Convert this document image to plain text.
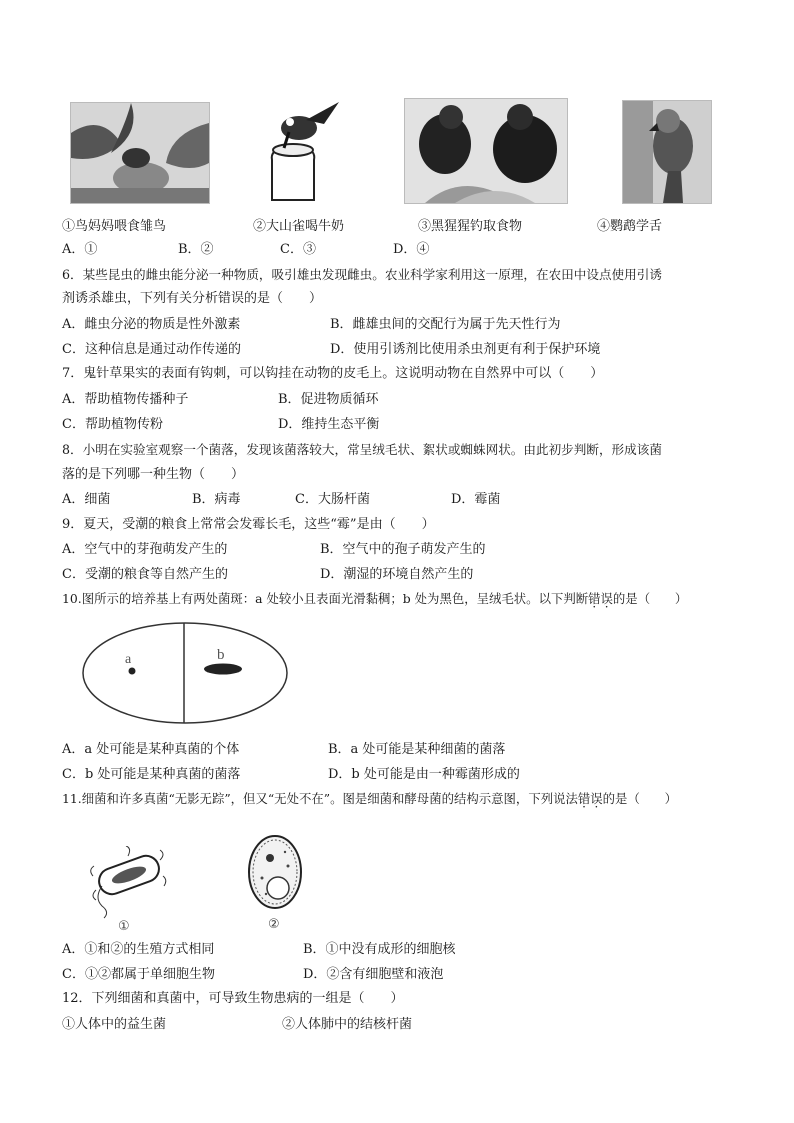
①鸟妈妈喂食雏鸟	②大山雀喝牛奶	③黑猩猩钓取食物	④鹦鹉学舌
A．①	B．②	C．③	D．④
6．某些昆虫的雌虫能分泌一种物质，吸引雄虫发现雌虫。农业科学家利用这一原理，在农田中设点使用引诱
剂诱杀雄虫，下列有关分析错误的是（　　）
A．雌虫分泌的物质是性外激素	B．雌雄虫间的交配行为属于先天性行为
C．这种信息是通过动作传递的	D．使用引诱剂比使用杀虫剂更有利于保护环境
7．鬼针草果实的表面有钩刺，可以钩挂在动物的皮毛上。这说明动物在自然界中可以（　　）
A．帮助植物传播种子	B．促进物质循环
C．帮助植物传粉	D．维持生态平衡
8．小明在实验室观察一个菌落，发现该菌落较大，常呈绒毛状、絮状或蜘蛛网状。由此初步判断，形成该菌
落的是下列哪一种生物（　　）
A．细菌	B．病毒	C．大肠杆菌	D．霉菌
9．夏天，受潮的粮食上常常会发霉长毛，这些“霉”是由（　　）
A．空气中的芽孢萌发产生的	B．空气中的孢子萌发产生的
C．受潮的粮食等自然产生的	D．潮湿的环境自然产生的
10.图所示的培养基上有两处菌斑：a 处较小且表面光滑黏稠；b 处为黑色，呈绒毛状。以下判断错误的是（　　）
a	b
A．a 处可能是某种真菌的个体	B．a 处可能是某种细菌的菌落
C．b 处可能是某种真菌的菌落	D．b 处可能是由一种霉菌形成的
11.细菌和许多真菌“无影无踪”，但又“无处不在”。图是细菌和酵母菌的结构示意图，下列说法错误的是（　　）
①	②
A．①和②的生殖方式相同	B．①中没有成形的细胞核
C．①②都属于单细胞生物	D．②含有细胞壁和液泡
12．下列细菌和真菌中，可导致生物患病的一组是（　　）
①人体中的益生菌	②人体肺中的结核杆菌
